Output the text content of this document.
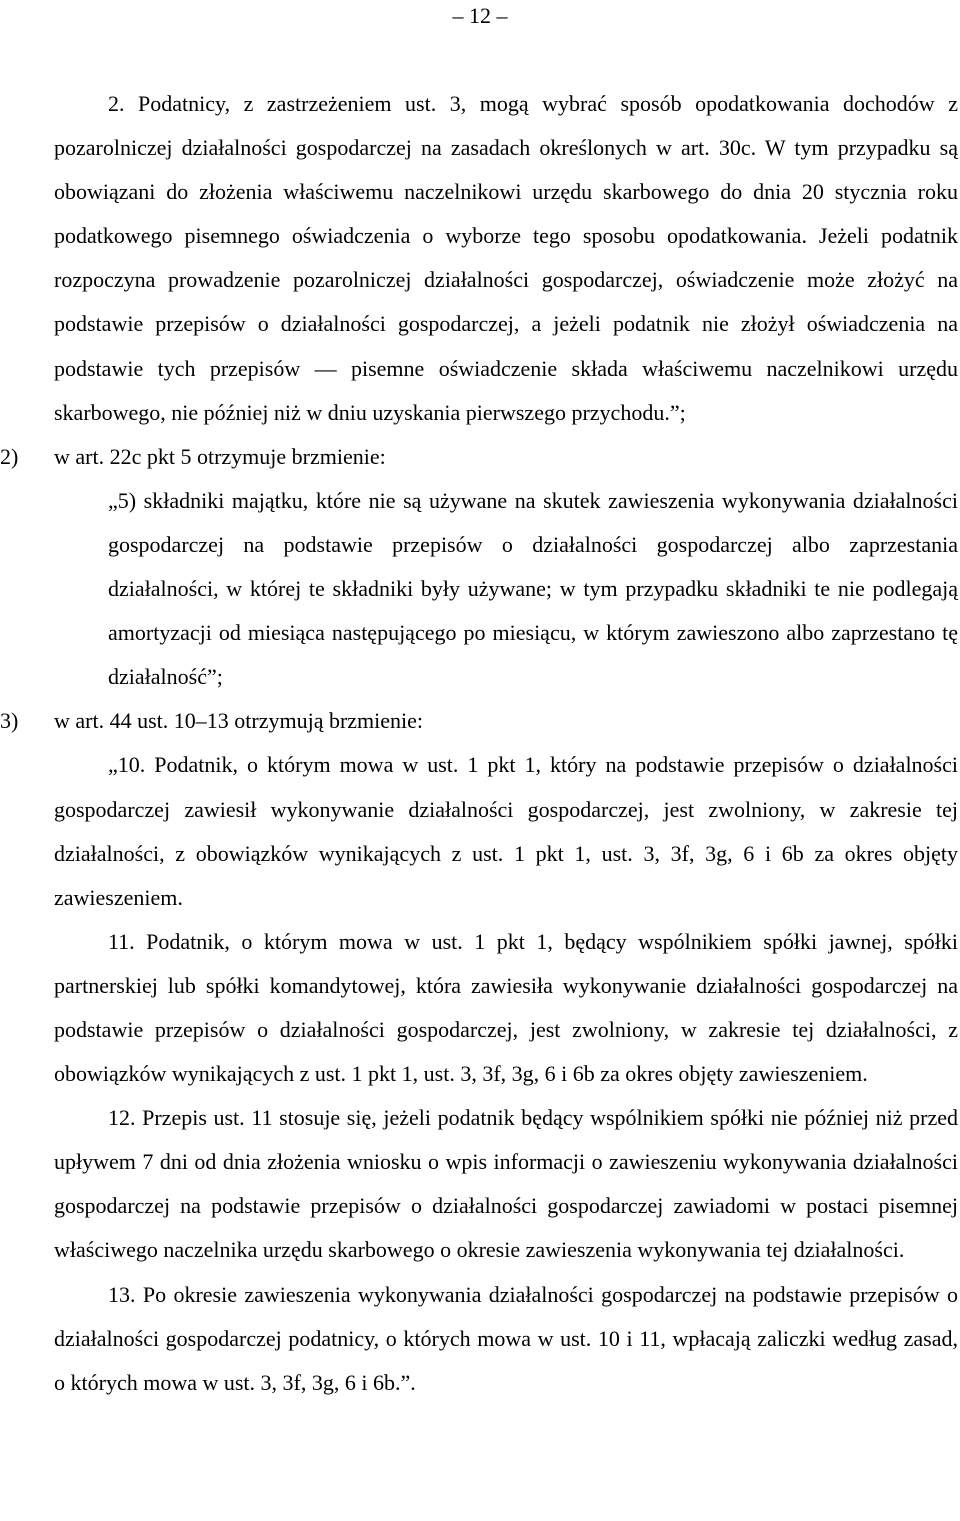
– 12 –

2. Podatnicy, z zastrzeżeniem ust. 3, mogą wybrać sposób opodatkowania dochodów z pozarolniczej działalności gospodarczej na zasadach określonych w art. 30c. W tym przypadku są obowiązani do złożenia właściwemu naczelnikowi urzędu skarbowego do dnia 20 stycznia roku podatkowego pisemnego oświadczenia o wyborze tego sposobu opodatkowania. Jeżeli podatnik rozpoczyna prowadzenie pozarolniczej działalności gospodarczej, oświadczenie może złożyć na podstawie przepisów o działalności gospodarczej, a jeżeli podatnik nie złożył oświadczenia na podstawie tych przepisów — pisemne oświadczenie składa właściwemu naczelnikowi urzędu skarbowego, nie później niż w dniu uzyskania pierwszego przychodu.”;

2) w art. 22c pkt 5 otrzymuje brzmienie:

„5) składniki majątku, które nie są używane na skutek zawieszenia wykonywania działalności gospodarczej na podstawie przepisów o działalności gospodarczej albo zaprzestania działalności, w której te składniki były używane; w tym przypadku składniki te nie podlegają amortyzacji od miesiąca następującego po miesiącu, w którym zawieszono albo zaprzestano tę działalność”;

3) w art. 44 ust. 10–13 otrzymują brzmienie:

„10. Podatnik, o którym mowa w ust. 1 pkt 1, który na podstawie przepisów o działalności gospodarczej zawiesił wykonywanie działalności gospodarczej, jest zwolniony, w zakresie tej działalności, z obowiązków wynikających z ust. 1 pkt 1, ust. 3, 3f, 3g, 6 i 6b za okres objęty zawieszeniem.

11. Podatnik, o którym mowa w ust. 1 pkt 1, będący wspólnikiem spółki jawnej, spółki partnerskiej lub spółki komandytowej, która zawiesiła wykonywanie działalności gospodarczej na podstawie przepisów o działalności gospodarczej, jest zwolniony, w zakresie tej działalności, z obowiązków wynikających z ust. 1 pkt 1, ust. 3, 3f, 3g, 6 i 6b za okres objęty zawieszeniem.

12. Przepis ust. 11 stosuje się, jeżeli podatnik będący wspólnikiem spółki nie później niż przed upływem 7 dni od dnia złożenia wniosku o wpis informacji o zawieszeniu wykonywania działalności gospodarczej na podstawie przepisów o działalności gospodarczej zawiadomi w postaci pisemnej właściwego naczelnika urzędu skarbowego o okresie zawieszenia wykonywania tej działalności.

13. Po okresie zawieszenia wykonywania działalności gospodarczej na podstawie przepisów o działalności gospodarczej podatnicy, o których mowa w ust. 10 i 11, wpłacają zaliczki według zasad, o których mowa w ust. 3, 3f, 3g, 6 i 6b.”.
